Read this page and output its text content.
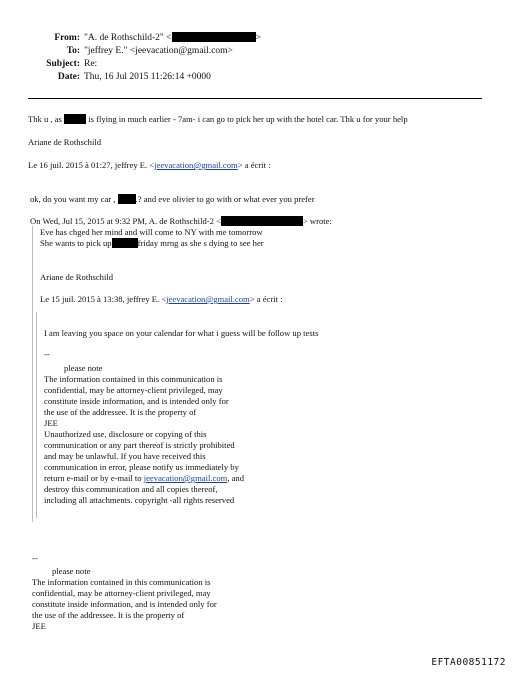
From: "A. de Rothschild-2" <	>
To: "jeffrey E." <jeevacation@gmail.com>
Subject: Re:
Date: Thu, 16 Jul 2015 11:26:14 +0000
Thk u , as	is flying in much earlier - 7am- i can go to pick her up with the hotel car. Thk u for your help
Ariane de Rothschild
Le 16 juil. 2015 à 01:27, jeffrey E. <jeevacation@gmail.com> a écrit :
ok, do you want my car , .? and eve olivier to go with or what ever you prefer
On Wed, Jul 15, 2015 at 9:32 PM, A. de Rothschild-2 <	> wrote:
Eve has chged her mind and will come to NY with me tomorrow
She wants to pick up	friday mrng as she s dying to see her
Ariane de Rothschild
Le 15 juil. 2015 à 13:38, jeffrey E. <jeevacation@gmail.com> a écrit :
I am leaving you space on your calendar for what i guess will be follow up tests
--
please note
The information contained in this communication is
confidential, may be attorney-client privileged, may
constitute inside information, and is intended only for
the use of the addressee. It is the property of
JEE
Unauthorized use, disclosure or copying of this
communication or any part thereof is strictly prohibited
and may be unlawful. If you have received this
communication in error, please notify us immediately by
return e-mail or by e-mail to jeevacation@gmail.com, and
destroy this communication and all copies thereof,
including all attachments. copyright -all rights reserved
--
please note
The information contained in this communication is
confidential, may be attorney-client privileged, may
constitute inside information, and is intended only for
the use of the addressee. It is the property of
JEE
EFTA00851172
